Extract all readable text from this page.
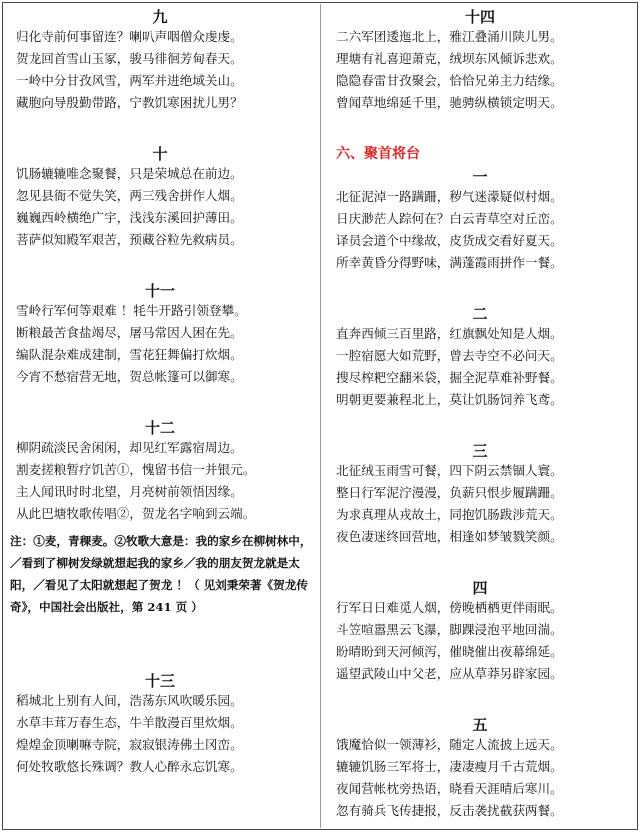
九
归化寺前何事留连？喇叭声咽僧众虔虔。
贺龙回首雪山玉冢，骏马徘徊芳甸春天。
一岭中分甘孜风雪，两军并进绝域关山。
藏胞向导殷勤带路，宁教饥寒困扰儿男？
十
饥肠辘辘唯念聚餐，只是荣城总在前边。
忽见县衙不觉失笑，两三残舍拼作人烟。
巍巍西岭横绝广宇，浅浅东溪回护薄田。
菩萨似知殿军艰苦，预藏谷粒先救病员。
十一
雪岭行军何等艰难 ！牦牛开路引领登攀。
断粮最苦食盐竭尽，屠马常因人困在先。
编队混杂难成建制，雪花狂舞偏打炊烟。
今宵不愁宿营无地，贺总帐篷可以御寒。
十二
柳阴疏淡民舍闲闲，却见红军露宿周边。
割麦搓粮暂疗饥苦①，愧留书信一并银元。
主人闻讯时时北望，月亮树前领悟因缘。
从此巴塘牧歌传唱②，贺龙名字响到云端。
注：①麦，青稞麦。②牧歌大意是：我的家乡在柳树林中，／看到了柳树发绿就想起我的家乡／我的朋友贺龙就是太阳，／看见了太阳就想起了贺龙 ！（ 见刘秉荣著《贺龙传奇》，中国社会出版社，第 241 页 ）
十三
稻城北上别有人间，浩荡东风吹暖乐园。
水草丰茸万春生态，牛羊散漫百里炊烟。
煌煌金顶喇嘛寺院，寂寂银涛佛土冈峦。
何处牧歌悠长殊调？教人心醉永忘饥寒。
十四
二六军团逶迤北上，雅江叠涌川陕儿男。
理塘有礼喜迎萧克，绒坝东风倾诉悲欢。
隐隐春雷甘孜聚会，恰恰兄弟主力结缘。
曾闻草地绵延千里，驰骋纵横锁定明天。
六、聚首将台
一
北征泥淖一路蹒跚，秽气迷濛疑似村烟。
日庆渺茫人踪何在？白云青草空对丘峦。
译员会道个中缘故，皮货成交看好夏天。
所幸黄昏分得野味，满蓬霞雨拼作一餐。
二
直奔西倾三百里路，红旗飘处知是人烟。
一腔宿愿大如荒野，曾去寺空不必问天。
搜尽榨粑空翻米袋，掘全泥草难补野餐。
明朝更要兼程北上，莫让饥肠饲养飞鸢。
三
北征绒玉雨雪可餐，四下阴云禁锢人寰。
整日行军泥泞漫漫，负薪只恨步履蹒跚。
为求真理从戎故土，同抱饥肠跋涉荒天。
夜色凄迷终回营地，相逢如梦皱戮笑颜。
四
行军日日难觅人烟，傍晚栖栖更伴雨眠。
斗笠喧嚣黑云飞瀑，脚踝浸泡平地回湍。
盼晴盼到天河倾泻，催晓催出夜幕绵延。
遥望武陵山中父老，应从草莽另辟家园。
五
饿魔恰似一领薄衫，随定人流披上远天。
辘辘饥肠三军将士，凄凄瘦月千古荒烟。
夜闻营帐枕旁热语，晓看天涯晴后寒川。
忽有骑兵飞传捷报，反击袭扰截获两餐。
